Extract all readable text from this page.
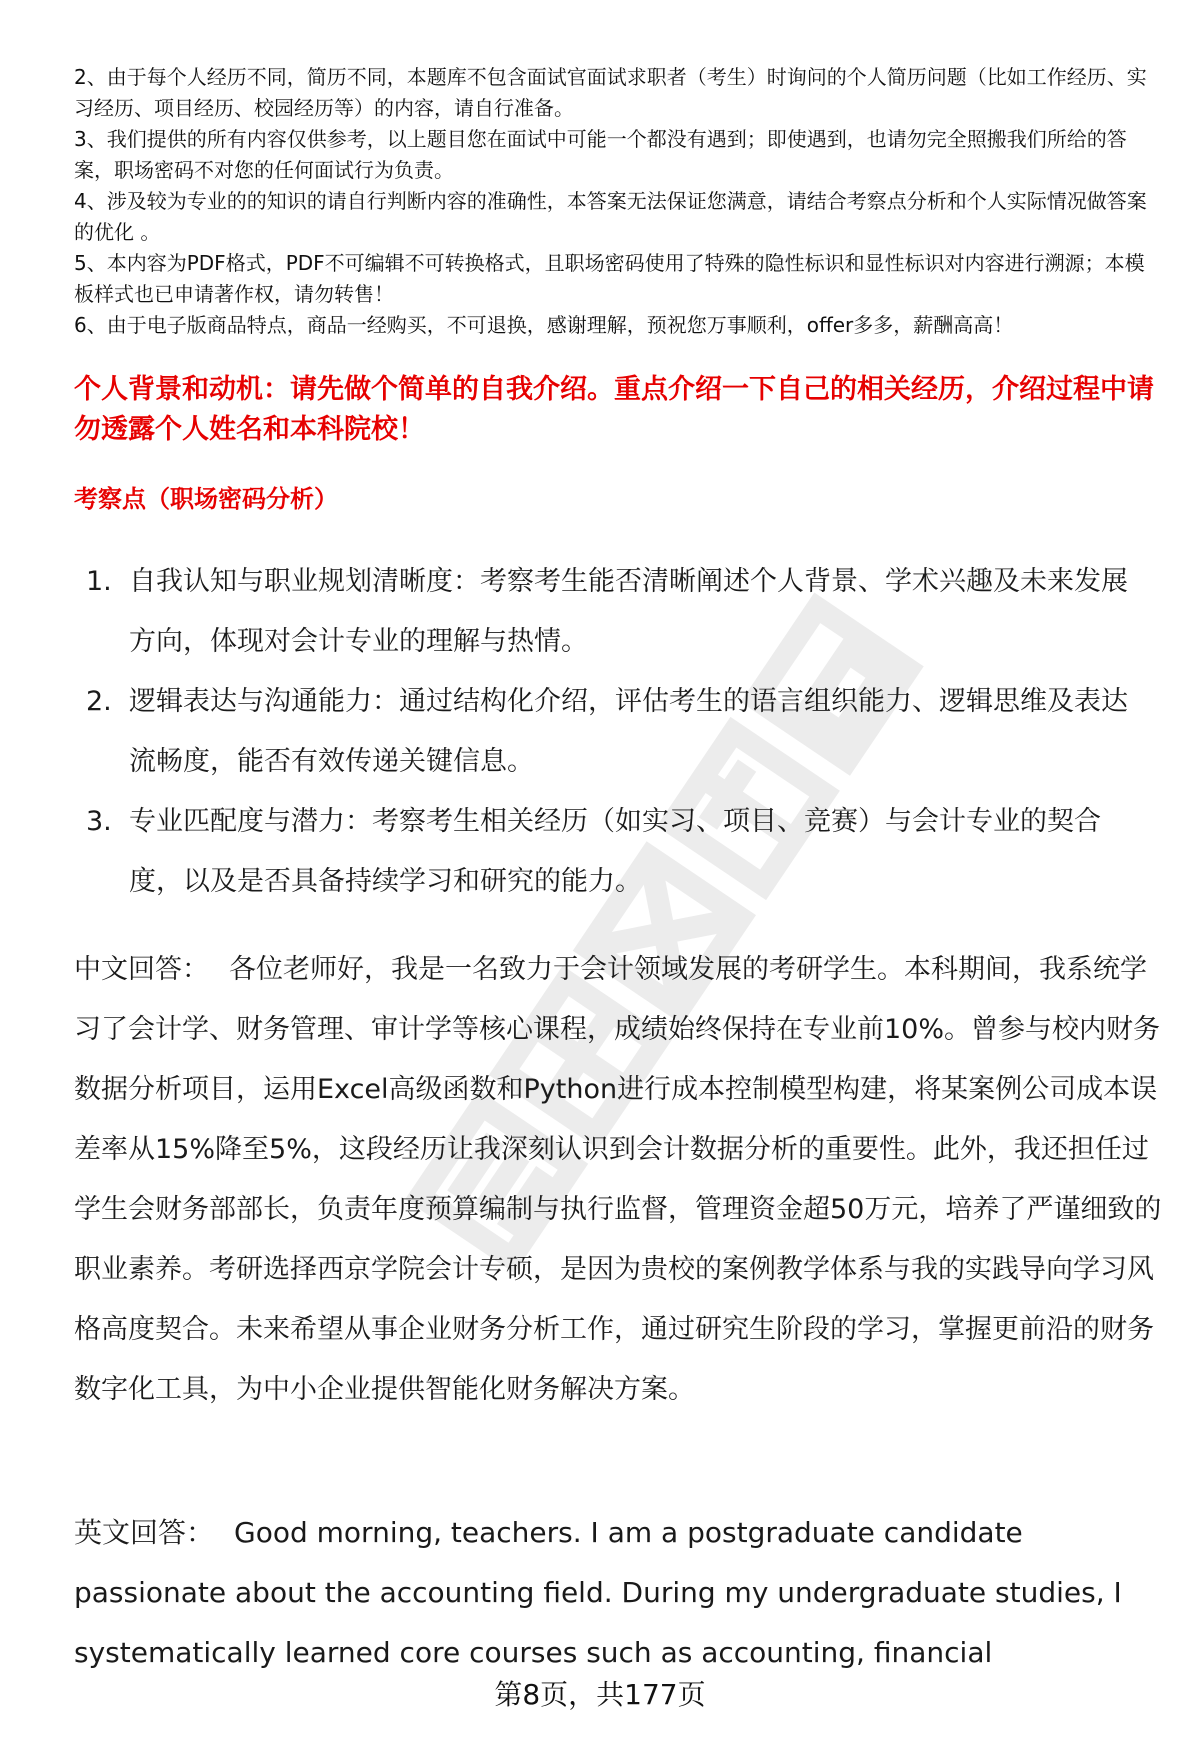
2、由于每个人经历不同，简历不同，本题库不包含面试官面试求职者（考生）时询问的个人简历问题（比如工作经历、实习经历、项目经历、校园经历等）的内容，请自行准备。

3、我们提供的所有内容仅供参考，以上题目您在面试中可能一个都没有遇到；即使遇到，也请勿完全照搬我们所给的答案，职场密码不对您的任何面试行为负责。

4、涉及较为专业的的知识的请自行判断内容的准确性，本答案无法保证您满意，请结合考察点分析和个人实际情况做答案的优化 。

5、本内容为PDF格式，PDF不可编辑不可转换格式，且职场密码使用了特殊的隐性标识和显性标识对内容进行溯源；本模板样式也已申请著作权，请勿转售！

6、由于电子版商品特点，商品一经购买，不可退换，感谢理解，预祝您万事顺利，offer多多，薪酬高高！

个人背景和动机：请先做个简单的自我介绍。重点介绍一下自己的相关经历，介绍过程中请勿透露个人姓名和本科院校！
考察点（职场密码分析）
1. 自我认知与职业规划清晰度：考察考生能否清晰阐述个人背景、学术兴趣及未来发展方向，体现对会计专业的理解与热情。
2. 逻辑表达与沟通能力：通过结构化介绍，评估考生的语言组织能力、逻辑思维及表达流畅度，能否有效传递关键信息。
3. 专业匹配度与潜力：考察考生相关经历（如实习、项目、竞赛）与会计专业的契合度，以及是否具备持续学习和研究的能力。
中文回答： 各位老师好，我是一名致力于会计领域发展的考研学生。本科期间，我系统学习了会计学、财务管理、审计学等核心课程，成绩始终保持在专业前10%。曾参与校内财务数据分析项目，运用Excel高级函数和Python进行成本控制模型构建，将某案例公司成本误差率从15%降至5%，这段经历让我深刻认识到会计数据分析的重要性。此外，我还担任过学生会财务部部长，负责年度预算编制与执行监督，管理资金超50万元，培养了严谨细致的职业素养。考研选择西京学院会计专硕，是因为贵校的案例教学体系与我的实践导向学习风格高度契合。未来希望从事企业财务分析工作，通过研究生阶段的学习，掌握更前沿的财务数字化工具，为中小企业提供智能化财务解决方案。
英文回答： Good morning, teachers. I am a postgraduate candidate passionate about the accounting field. During my undergraduate studies, I systematically learned core courses such as accounting, financial
第8页，共177页
